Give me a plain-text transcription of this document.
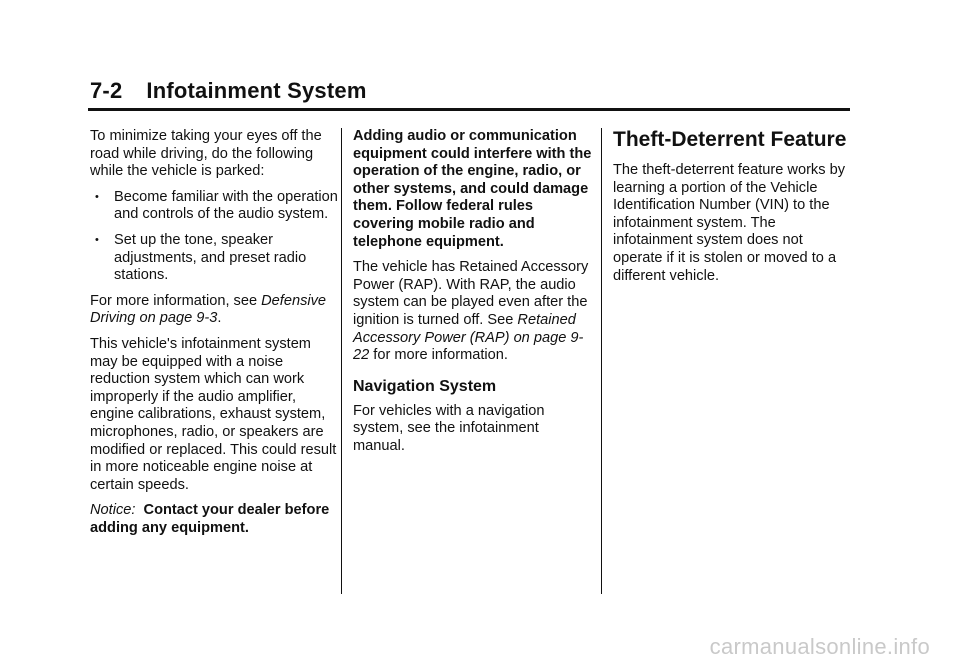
7-2 Infotainment System

To minimize taking your eyes off the road while driving, do the following while the vehicle is parked:

• Become familiar with the operation and controls of the audio system.
• Set up the tone, speaker adjustments, and preset radio stations.

For more information, see Defensive Driving on page 9-3.

This vehicle's infotainment system may be equipped with a noise reduction system which can work improperly if the audio amplifier, engine calibrations, exhaust system, microphones, radio, or speakers are modified or replaced. This could result in more noticeable engine noise at certain speeds.

Notice: Contact your dealer before adding any equipment.

Adding audio or communication equipment could interfere with the operation of the engine, radio, or other systems, and could damage them. Follow federal rules covering mobile radio and telephone equipment.

The vehicle has Retained Accessory Power (RAP). With RAP, the audio system can be played even after the ignition is turned off. See Retained Accessory Power (RAP) on page 9-22 for more information.

Navigation System

For vehicles with a navigation system, see the infotainment manual.

Theft-Deterrent Feature

The theft-deterrent feature works by learning a portion of the Vehicle Identification Number (VIN) to the infotainment system. The infotainment system does not operate if it is stolen or moved to a different vehicle.

carmanualsonline.info
